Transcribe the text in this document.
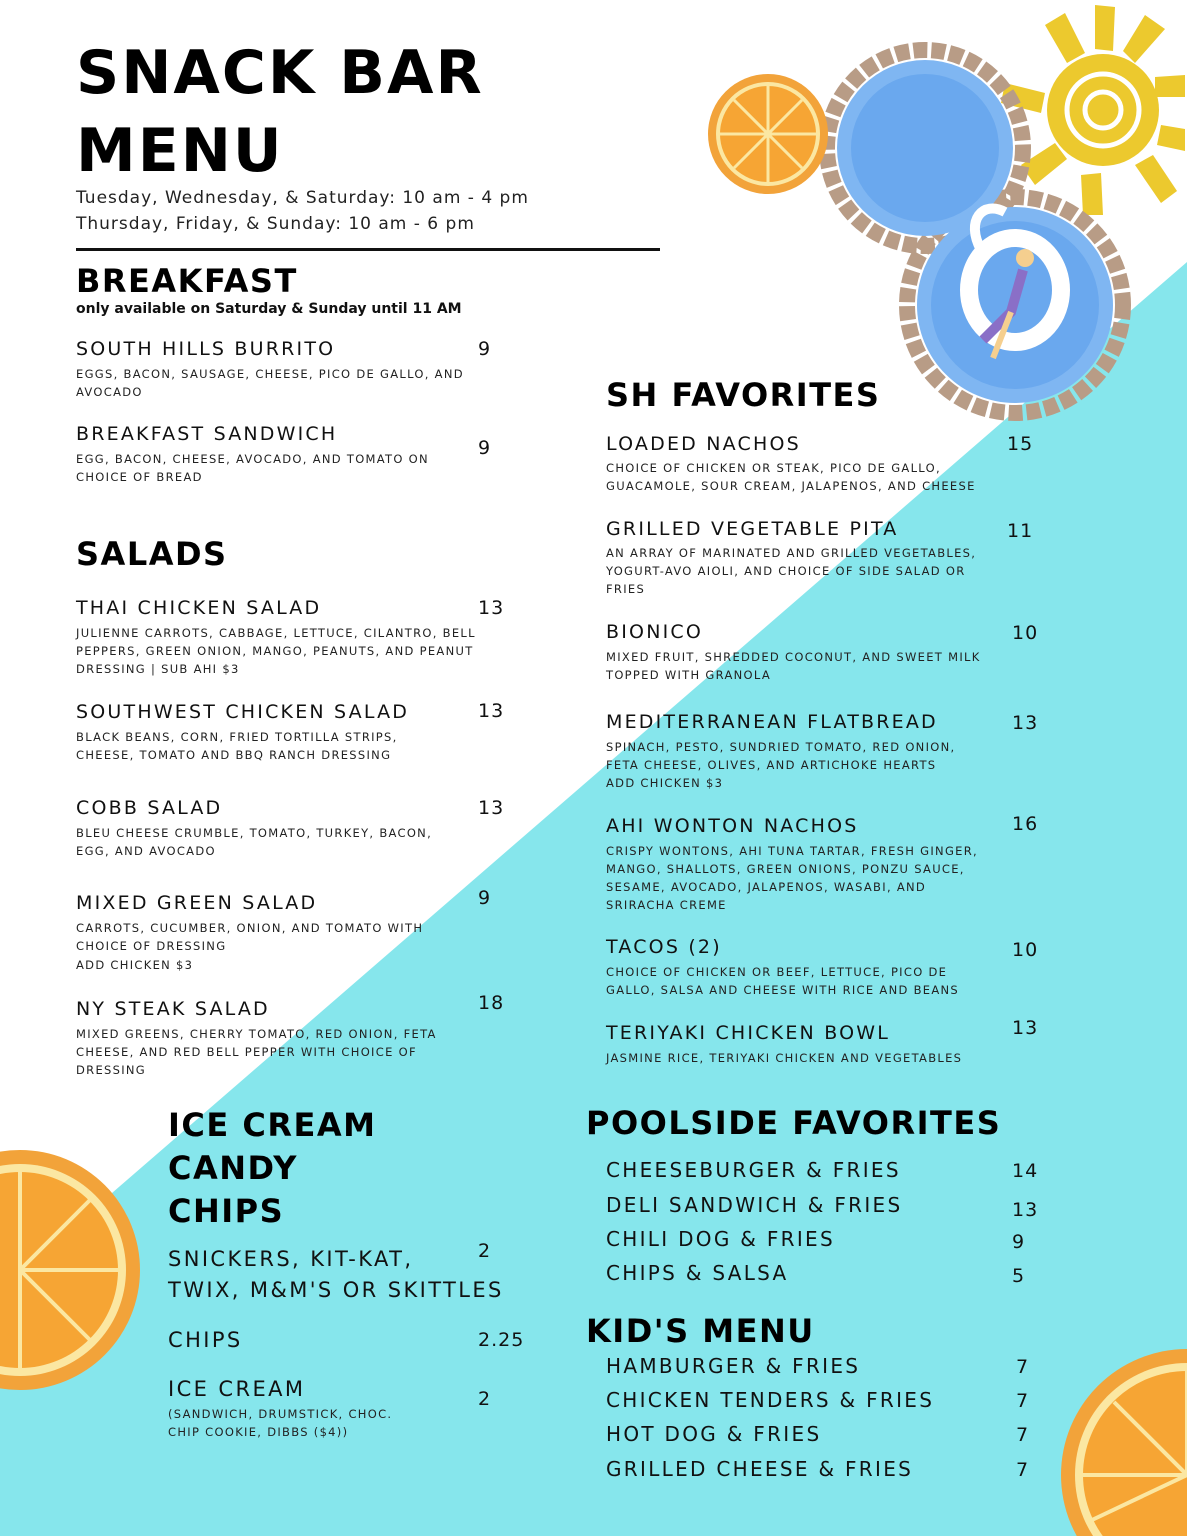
SNACK BAR
MENU
Tuesday, Wednesday, & Saturday: 10 am - 4 pm
Thursday, Friday, & Sunday: 10 am - 6 pm
BREAKFAST
only available on Saturday & Sunday until 11 AM
SOUTH HILLS BURRITO
EGGS, BACON, SAUSAGE, CHEESE, PICO DE GALLO, AND AVOCADO
9
BREAKFAST SANDWICH
EGG, BACON, CHEESE, AVOCADO, AND TOMATO ON CHOICE OF BREAD
9
SALADS
THAI CHICKEN SALAD
JULIENNE CARROTS, CABBAGE, LETTUCE, CILANTRO, BELL PEPPERS, GREEN ONION, MANGO, PEANUTS, AND PEANUT DRESSING | SUB AHI $3
13
SOUTHWEST CHICKEN SALAD
BLACK BEANS, CORN, FRIED TORTILLA STRIPS, CHEESE, TOMATO AND BBQ RANCH DRESSING
13
COBB SALAD
BLEU CHEESE CRUMBLE, TOMATO, TURKEY, BACON, EGG, AND AVOCADO
13
MIXED GREEN SALAD
CARROTS, CUCUMBER, ONION, AND TOMATO WITH CHOICE OF DRESSING
ADD CHICKEN $3
9
NY STEAK SALAD
MIXED GREENS, CHERRY TOMATO, RED ONION, FETA CHEESE, AND RED BELL PEPPER WITH CHOICE OF DRESSING
18
SH FAVORITES
LOADED NACHOS
CHOICE OF CHICKEN OR STEAK, PICO DE GALLO, GUACAMOLE, SOUR CREAM, JALAPENOS, AND CHEESE
15
GRILLED VEGETABLE PITA
AN ARRAY OF MARINATED AND GRILLED VEGETABLES, YOGURT-AVO AIOLI, AND CHOICE OF SIDE SALAD OR FRIES
11
BIONICO
MIXED FRUIT, SHREDDED COCONUT, AND SWEET MILK TOPPED WITH GRANOLA
10
MEDITERRANEAN FLATBREAD
SPINACH, PESTO, SUNDRIED TOMATO, RED ONION, FETA CHEESE, OLIVES, AND ARTICHOKE HEARTS
ADD CHICKEN $3
13
AHI WONTON NACHOS
CRISPY WONTONS, AHI TUNA TARTAR, FRESH GINGER, MANGO, SHALLOTS, GREEN ONIONS, PONZU SAUCE, SESAME, AVOCADO, JALAPENOS, WASABI, AND SRIRACHA CREME
16
TACOS (2)
CHOICE OF CHICKEN OR BEEF, LETTUCE, PICO DE GALLO, SALSA AND CHEESE WITH RICE AND BEANS
10
TERIYAKI CHICKEN BOWL
JASMINE RICE, TERIYAKI CHICKEN AND VEGETABLES
13
ICE CREAM
CANDY
CHIPS
SNICKERS, KIT-KAT,
TWIX, M&M'S OR SKITTLES
2
CHIPS	2.25
ICE CREAM
(SANDWICH, DRUMSTICK, CHOC. CHIP COOKIE, DIBBS ($4))
2
POOLSIDE FAVORITES
CHEESEBURGER & FRIES	14
DELI SANDWICH & FRIES	13
CHILI DOG & FRIES	9
CHIPS & SALSA	5
KID'S MENU
HAMBURGER & FRIES	7
CHICKEN TENDERS & FRIES	7
HOT DOG & FRIES	7
GRILLED CHEESE & FRIES	7
